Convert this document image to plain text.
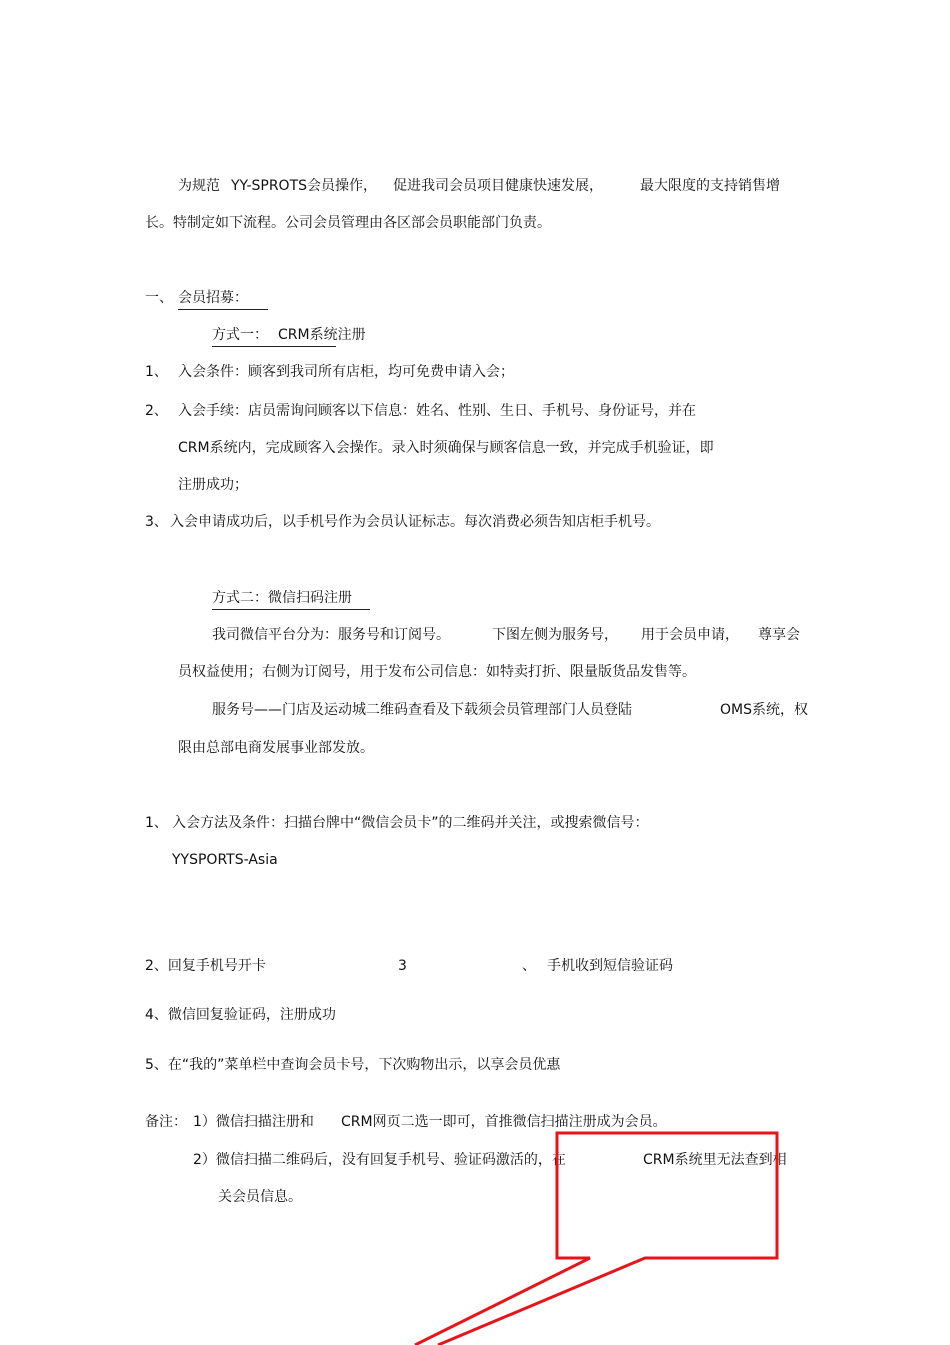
为规范 YY-SPROTS会员操作， 促进我司会员项目健康快速发展，	最大限度的支持销售增
长。特制定如下流程。公司会员管理由各区部会员职能部门负责。
一、 会员招募：
方式一： CRM系统注册
1、 入会条件：顾客到我司所有店柜，均可免费申请入会；
2、 入会手续：店员需询问顾客以下信息：姓名、性别、生日、手机号、身份证号，并在
CRM系统内，完成顾客入会操作。录入时须确保与顾客信息一致，并完成手机验证，即
注册成功；
3、 入会申请成功后，以手机号作为会员认证标志。每次消费必须告知店柜手机号。
方式二：微信扫码注册
我司微信平台分为：服务号和订阅号。	下图左侧为服务号， 用于会员申请， 尊享会
员权益使用；右侧为订阅号，用于发布公司信息：如特卖打折、限量版货品发售等。
服务号——门店及运动城二维码查看及下载须会员管理部门人员登陆	OMS系统，权
限由总部电商发展事业部发放。
1、 入会方法及条件：扫描台牌中“微信会员卡”的二维码并关注，或搜索微信号：
YYSPORTS-Asia
2、回复手机号开卡	3	、 手机收到短信验证码
4、微信回复验证码，注册成功
5、在“我的”菜单栏中查询会员卡号，下次购物出示，以享会员优惠
备注： 1）微信扫描注册和 CRM网页二选一即可，首推微信扫描注册成为会员。
2）微信扫描二维码后，没有回复手机号、验证码激活的，在	CRM系统里无法查到相
关会员信息。
